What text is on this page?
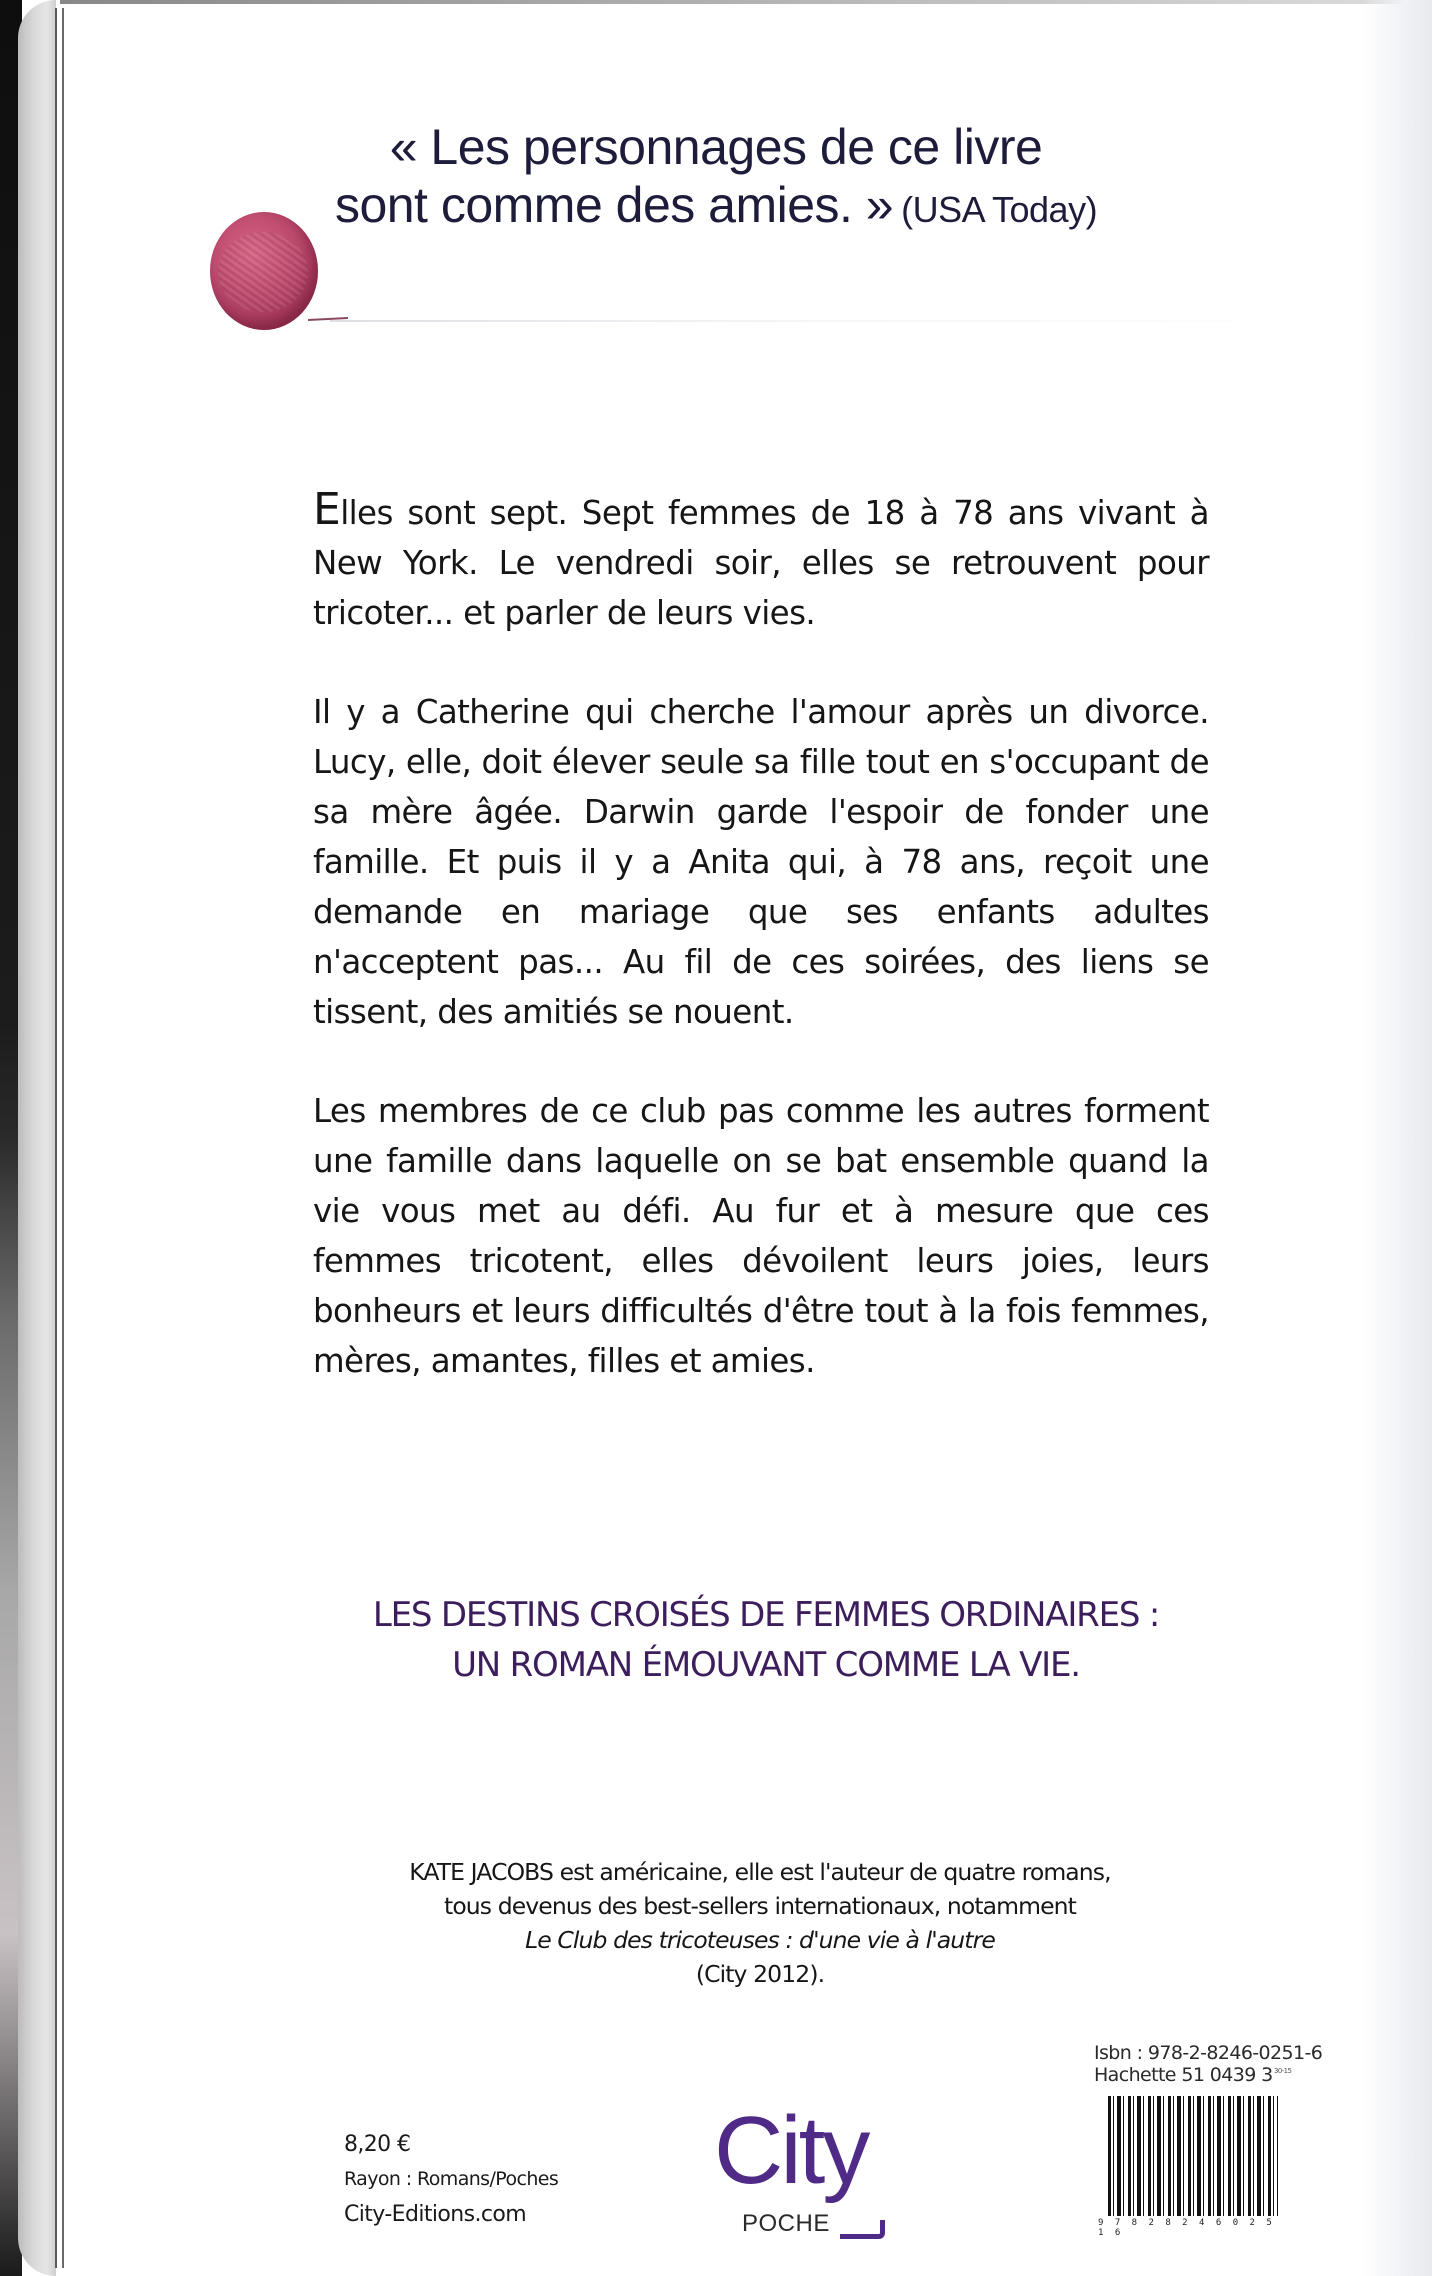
« Les personnages de ce livre
sont comme des amies. » (USA Today)

Elles sont sept. Sept femmes de 18 à 78 ans vivant à New York. Le vendredi soir, elles se retrouvent pour tricoter... et parler de leurs vies.

Il y a Catherine qui cherche l'amour après un divorce. Lucy, elle, doit élever seule sa fille tout en s'occupant de sa mère âgée. Darwin garde l'espoir de fonder une famille. Et puis il y a Anita qui, à 78 ans, reçoit une demande en mariage que ses enfants adultes n'acceptent pas... Au fil de ces soirées, des liens se tissent, des amitiés se nouent.

Les membres de ce club pas comme les autres forment une famille dans laquelle on se bat ensemble quand la vie vous met au défi. Au fur et à mesure que ces femmes tricotent, elles dévoilent leurs joies, leurs bonheurs et leurs difficultés d'être tout à la fois femmes, mères, amantes, filles et amies.

LES DESTINS CROISÉS DE FEMMES ORDINAIRES :
UN ROMAN ÉMOUVANT COMME LA VIE.
KATE JACOBS est américaine, elle est l'auteur de quatre romans,
tous devenus des best-sellers internationaux, notamment
Le Club des tricoteuses : d'une vie à l'autre
(City 2012).
8,20 €
Rayon : Romans/Poches
City-Editions.com
City
POCHE
Isbn : 978-2-8246-0251-6
Hachette 51 0439 3 30-15
9 7 8 2 8 2 4 6 0 2 5 1 6
